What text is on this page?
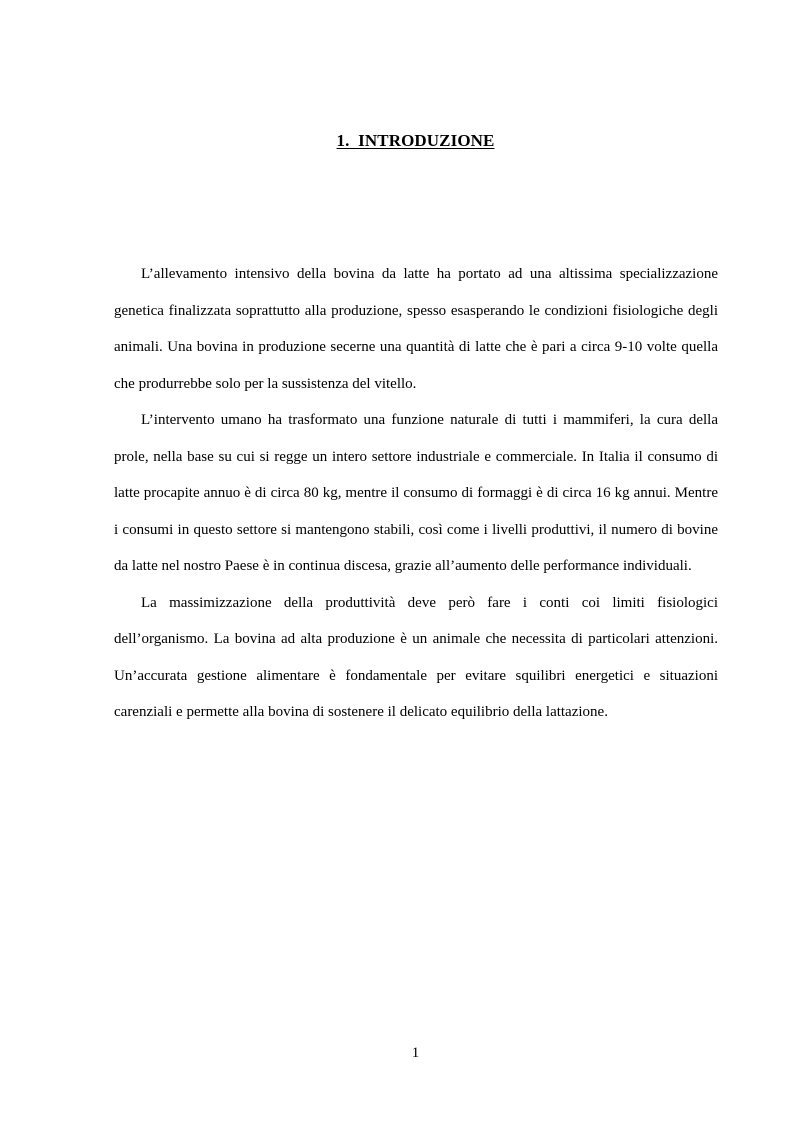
1.  INTRODUZIONE

L’allevamento intensivo della bovina da latte ha portato ad una altissima specializzazione genetica finalizzata soprattutto alla produzione, spesso esasperando le condizioni fisiologiche degli animali. Una bovina in produzione secerne una quantità di latte che è pari a circa 9-10 volte quella che produrrebbe solo per la sussistenza del vitello.

L’intervento umano ha trasformato una funzione naturale di tutti i mammiferi, la cura della prole, nella base su cui si regge un intero settore industriale e commerciale. In Italia il consumo di latte procapite annuo è di circa 80 kg, mentre il consumo di formaggi è di circa 16 kg annui. Mentre i consumi in questo settore si mantengono stabili, così come i livelli produttivi, il numero di bovine da latte nel nostro Paese è in continua discesa, grazie all’aumento delle performance individuali.

La massimizzazione della produttività deve però fare i conti coi limiti fisiologici dell’organismo. La bovina ad alta produzione è un animale che necessita di particolari attenzioni. Un’accurata gestione alimentare è fondamentale per evitare squilibri energetici e situazioni carenziali e permette alla bovina di sostenere il delicato equilibrio della lattazione.

1
